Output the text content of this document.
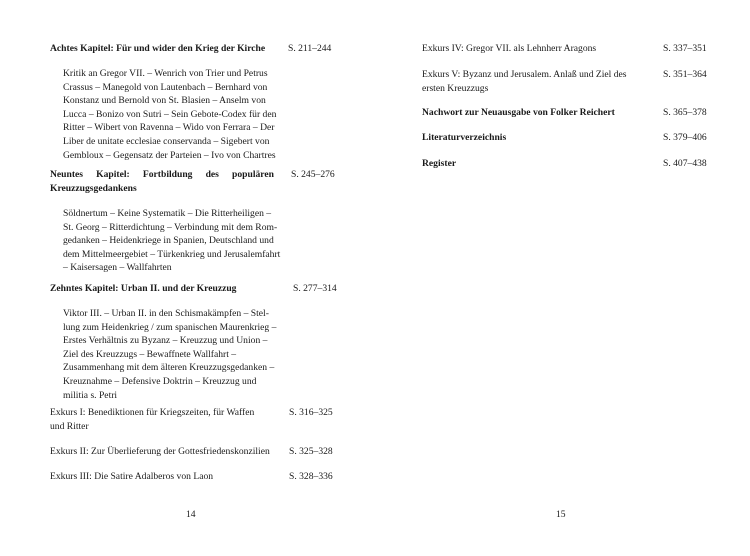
Achtes Kapitel: Für und wider den Krieg der Kirche	S. 211–244
Kritik an Gregor VII. – Wenrich von Trier und Petrus Crassus – Manegold von Lautenbach – Bernhard von Konstanz und Bernold von St. Blasien – Anselm von Lucca – Bonizo von Sutri – Sein Gebote-Codex für den Ritter – Wibert von Ravenna – Wido von Ferrara – Der Liber de unitate ecclesiae conservanda – Sigebert von Gembloux – Gegensatz der Parteien – Ivo von Chartres
Neuntes Kapitel: Fortbildung des populären Kreuzzugsgedankens
S. 245–276
Söldnertum – Keine Systematik – Die Ritterheiligen – St. Georg – Ritterdichtung – Verbindung mit dem Romgedanken – Heidenkriege in Spanien, Deutschland und dem Mittelmeergebiet – Türkenkrieg und Jerusalemfahrt – Kaisersagen – Wallfahrten
Zehntes Kapitel: Urban II. und der Kreuzzug	S. 277–314
Viktor III. – Urban II. in den Schismakämpfen – Stellung zum Heidenkrieg / zum spanischen Maurenkrieg – Erstes Verhältnis zu Byzanz – Kreuzzug und Union – Ziel des Kreuzzugs – Bewaffnete Wallfahrt – Zusammenhang mit dem älteren Kreuzzugsgedanken – Kreuznahme – Defensive Doktrin – Kreuzzug und militia s. Petri
Exkurs I: Benediktionen für Kriegszeiten, für Waffen und Ritter
S. 316–325
Exkurs II: Zur Überlieferung der Gottesfriedenskonzilien	S. 325–328
Exkurs III: Die Satire Adalberos von Laon	S. 328–336
14
Exkurs IV: Gregor VII. als Lehnherr Aragons	S. 337–351
Exkurs V: Byzanz und Jerusalem. Anlaß und Ziel des ersten Kreuzzugs
S. 351–364
Nachwort zur Neuausgabe von Folker Reichert	S. 365–378
Literaturverzeichnis	S. 379–406
Register	S. 407–438
15
